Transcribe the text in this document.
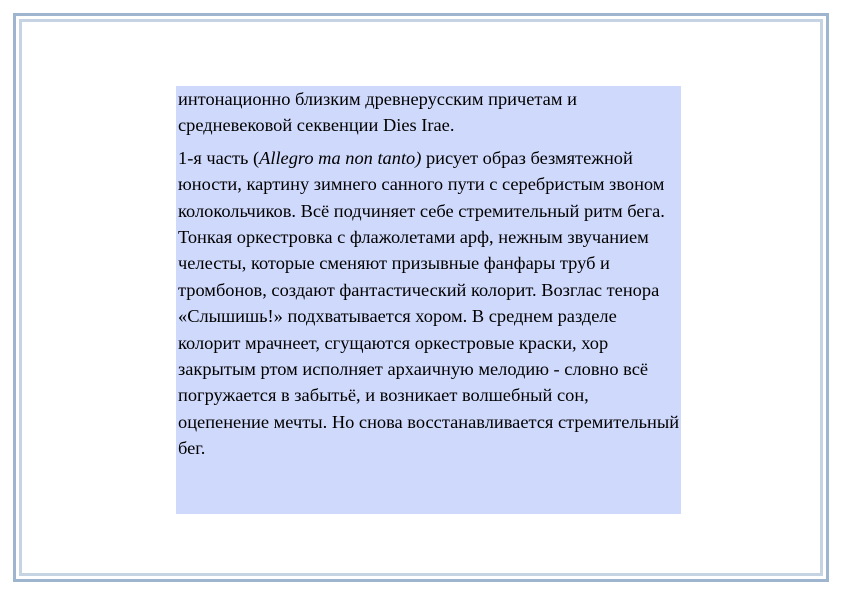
интонационно близким древнерусским причетам и средневековой секвенции Dies Irae.

1-я часть (Allegro ma non tanto) рисует образ безмятежной юности, картину зимнего санного пути с серебристым звоном колокольчиков. Всё подчиняет себе стремительный ритм бега. Тонкая оркестровка с флажолетами арф, нежным звучанием челесты, которые сменяют призывные фанфары труб и тромбонов, создают фантастический колорит. Возглас тенора «Слышишь!» подхватывается хором. В среднем разделе колорит мрачнеет, сгущаются оркестровые краски, хор закрытым ртом исполняет архаичную мелодию - словно всё погружается в забытьё, и возникает волшебный сон, оцепенение мечты. Но снова восстанавливается стремительный бег.
